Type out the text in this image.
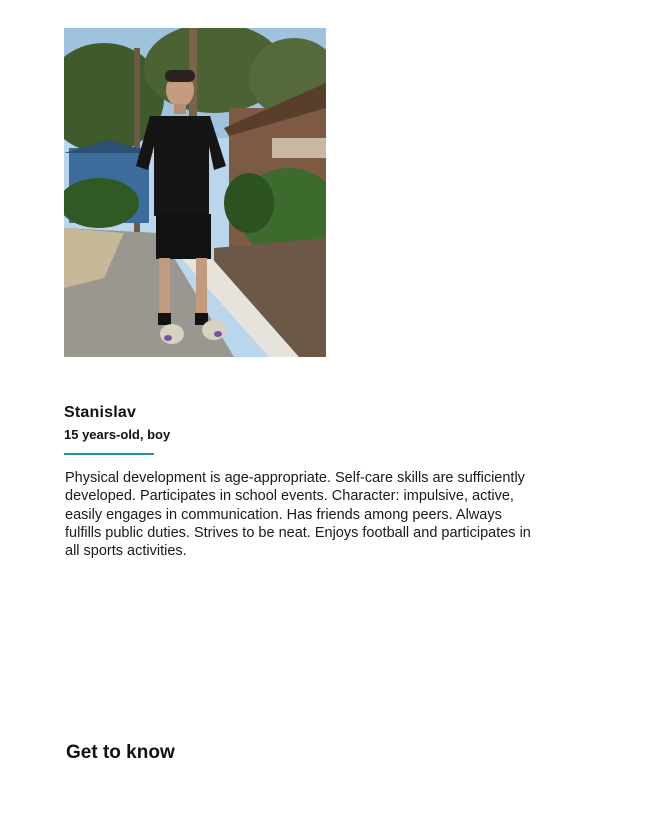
Stanislav

15 years-old, boy

Physical development is age-appropriate. Self-care skills are sufficiently developed. Participates in school events. Character: impulsive, active, easily engages in communication. Has friends among peers. Always fulfills public duties. Strives to be neat. Enjoys football and participates in all sports activities.

Get to know
